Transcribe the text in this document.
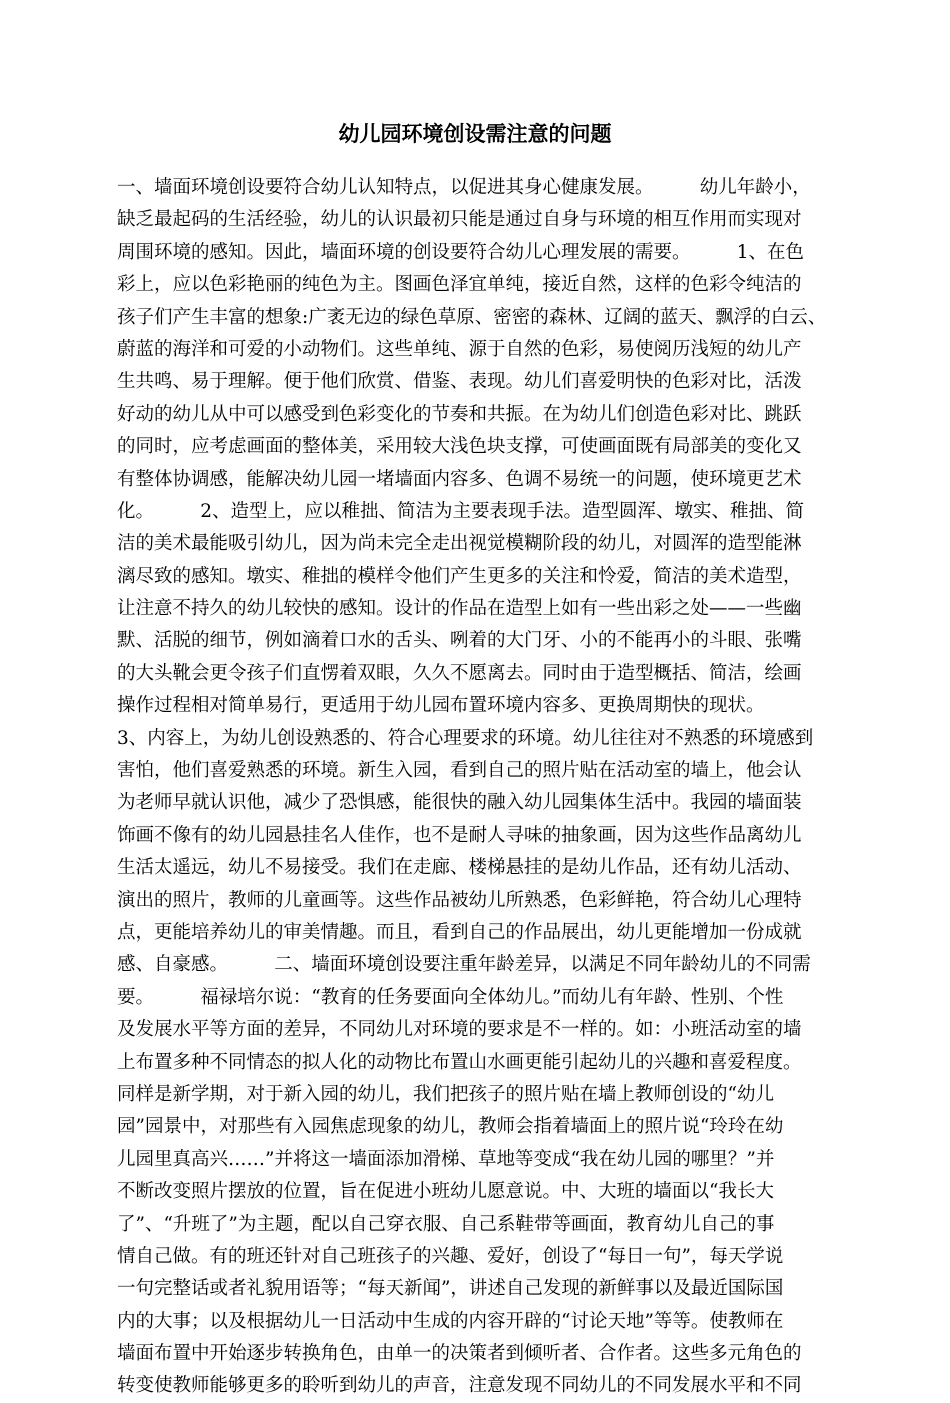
幼儿园环境创设需注意的问题
一、墙面环境创设要符合幼儿认知特点，以促进其身心健康发展。　　　幼儿年龄小，
缺乏最起码的生活经验，幼儿的认识最初只能是通过自身与环境的相互作用而实现对
周围环境的感知。因此，墙面环境的创设要符合幼儿心理发展的需要。　　　1、在色
彩上，应以色彩艳丽的纯色为主。图画色泽宜单纯，接近自然，这样的色彩令纯洁的
孩子们产生丰富的想象:广袤无边的绿色草原、密密的森林、辽阔的蓝天、飘浮的白云、
蔚蓝的海洋和可爱的小动物们。这些单纯、源于自然的色彩，易使阅历浅短的幼儿产
生共鸣、易于理解。便于他们欣赏、借鉴、表现。幼儿们喜爱明快的色彩对比，活泼
好动的幼儿从中可以感受到色彩变化的节奏和共振。在为幼儿们创造色彩对比、跳跃
的同时，应考虑画面的整体美，采用较大浅色块支撑，可使画面既有局部美的变化又
有整体协调感，能解决幼儿园一堵墙面内容多、色调不易统一的问题，使环境更艺术
化。　　　2、造型上，应以稚拙、简洁为主要表现手法。造型圆浑、墩实、稚拙、简
洁的美术最能吸引幼儿，因为尚未完全走出视觉模糊阶段的幼儿，对圆浑的造型能淋
漓尽致的感知。墩实、稚拙的模样令他们产生更多的关注和怜爱，简洁的美术造型，
让注意不持久的幼儿较快的感知。设计的作品在造型上如有一些出彩之处——一些幽
默、活脱的细节，例如滴着口水的舌头、咧着的大门牙、小的不能再小的斗眼、张嘴
的大头靴会更令孩子们直愣着双眼，久久不愿离去。同时由于造型概括、简洁，绘画
操作过程相对简单易行，更适用于幼儿园布置环境内容多、更换周期快的现状。
3、内容上，为幼儿创设熟悉的、符合心理要求的环境。幼儿往往对不熟悉的环境感到
害怕，他们喜爱熟悉的环境。新生入园，看到自己的照片贴在活动室的墙上，他会认
为老师早就认识他，减少了恐惧感，能很快的融入幼儿园集体生活中。我园的墙面装
饰画不像有的幼儿园悬挂名人佳作，也不是耐人寻味的抽象画，因为这些作品离幼儿
生活太遥远，幼儿不易接受。我们在走廊、楼梯悬挂的是幼儿作品，还有幼儿活动、
演出的照片，教师的儿童画等。这些作品被幼儿所熟悉，色彩鲜艳，符合幼儿心理特
点，更能培养幼儿的审美情趣。而且，看到自己的作品展出，幼儿更能增加一份成就
感、自豪感。　　　二、墙面环境创设要注重年龄差异，以满足不同年龄幼儿的不同需
要。　　　福禄培尔说：“教育的任务要面向全体幼儿。”而幼儿有年龄、性别、个性
及发展水平等方面的差异，不同幼儿对环境的要求是不一样的。如：小班活动室的墙
上布置多种不同情态的拟人化的动物比布置山水画更能引起幼儿的兴趣和喜爱程度。
同样是新学期，对于新入园的幼儿，我们把孩子的照片贴在墙上教师创设的“幼儿
园”园景中，对那些有入园焦虑现象的幼儿，教师会指着墙面上的照片说“玲玲在幼
儿园里真高兴……”并将这一墙面添加滑梯、草地等变成“我在幼儿园的哪里？”并
不断改变照片摆放的位置，旨在促进小班幼儿愿意说。中、大班的墙面以“我长大
了”、“升班了”为主题，配以自己穿衣服、自己系鞋带等画面，教育幼儿自己的事
情自己做。有的班还针对自己班孩子的兴趣、爱好，创设了“每日一句”，每天学说
一句完整话或者礼貌用语等；“每天新闻”，讲述自己发现的新鲜事以及最近国际国
内的大事；以及根据幼儿一日活动中生成的内容开辟的“讨论天地”等等。使教师在
墙面布置中开始逐步转换角色，由单一的决策者到倾听者、合作者。这些多元角色的
转变使教师能够更多的聆听到幼儿的声音，注意发现不同幼儿的不同发展水平和不同
